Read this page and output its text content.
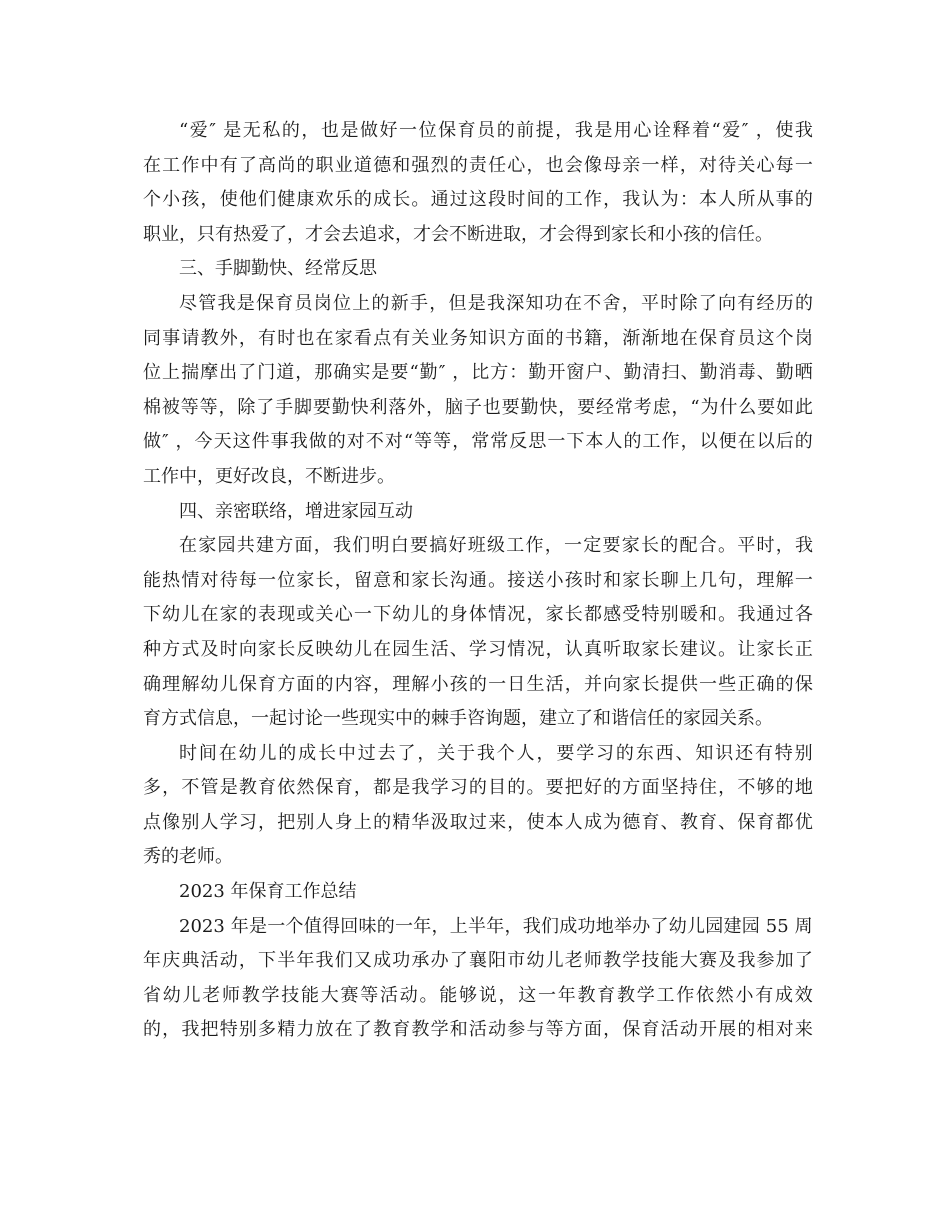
“ 爱 ″ 是 无 私 的 ， 也 是 做 好 一 位 保 育 员 的 前 提 ， 我 是 用 心 诠 释 着 “ 爱 ″ ， 使 我
在 工 作 中 有 了 高 尚 的 职 业 道 德 和 强 烈 的 责 任 心 ， 也 会 像 母 亲 一 样 ， 对 待 关 心 每 一
个 小 孩 ， 使 他 们 健 康 欢 乐 的 成 长 。 通 过 这 段 时 间 的 工 作 ， 我 认 为 ： 本 人 所 从 事 的
职业，只有热爱了，才会去追求，才会不断进取，才会得到家长和小孩的信任。
三、手脚勤快、经常反思
尽 管 我 是 保 育 员 岗 位 上 的 新 手 ， 但 是 我 深 知 功 在 不 舍 ， 平 时 除 了 向 有 经 历 的
同 事 请 教 外 ， 有 时 也 在 家 看 点 有 关 业 务 知 识 方 面 的 书 籍 ， 渐 渐 地 在 保 育 员 这 个 岗
位 上 揣 摩 出 了 门 道 ， 那 确 实 是 要 “ 勤 ″ ， 比 方 ： 勤 开 窗 户 、 勤 清 扫 、 勤 消 毒 、 勤 晒
棉 被 等 等 ， 除 了 手 脚 要 勤 快 利 落 外 ， 脑 子 也 要 勤 快 ， 要 经 常 考 虑 ， “ 为 什 么 要 如 此
做 ″ ， 今 天 这 件 事 我 做 的 对 不 对 “ 等 等 ， 常 常 反 思 一 下 本 人 的 工 作 ， 以 便 在 以 后 的
工作中，更好改良，不断进步。
四、亲密联络，增进家园互动
在 家 园 共 建 方 面 ， 我 们 明 白 要 搞 好 班 级 工 作 ， 一 定 要 家 长 的 配 合 。 平 时 ， 我
能 热 情 对 待 每 一 位 家 长 ， 留 意 和 家 长 沟 通 。 接 送 小 孩 时 和 家 长 聊 上 几 句 ， 理 解 一
下 幼 儿 在 家 的 表 现 或 关 心 一 下 幼 儿 的 身 体 情 况 ， 家 长 都 感 受 特 别 暖 和 。 我 通 过 各
种 方 式 及 时 向 家 长 反 映 幼 儿 在 园 生 活 、 学 习 情 况 ， 认 真 听 取 家 长 建 议 。 让 家 长 正
确 理 解 幼 儿 保 育 方 面 的 内 容 ， 理 解 小 孩 的 一 日 生 活 ， 并 向 家 长 提 供 一 些 正 确 的 保
育方式信息，一起讨论一些现实中的棘手咨询题，建立了和谐信任的家园关系。
时 间 在 幼 儿 的 成 长 中 过 去 了 ， 关 于 我 个 人 ， 要 学 习 的 东 西 、 知 识 还 有 特 别
多 ， 不 管 是 教 育 依 然 保 育 ， 都 是 我 学 习 的 目 的 。 要 把 好 的 方 面 坚 持 住 ， 不 够 的 地
点 像 别 人 学 习 ， 把 别 人 身 上 的 精 华 汲 取 过 来 ， 使 本 人 成 为 德 育 、 教 育 、 保 育 都 优
秀的老师。
2023 年保育工作总结
2023 年 是 一 个 值 得 回 味 的 一 年 ， 上 半 年 ， 我 们 成 功 地 举 办 了 幼 儿 园 建 园 55 周
年 庆 典 活 动 ， 下 半 年 我 们 又 成 功 承 办 了 襄 阳 市 幼 儿 老 师 教 学 技 能 大 赛 及 我 参 加 了
省 幼 儿 老 师 教 学 技 能 大 赛 等 活 动 。 能 够 说 ， 这 一 年 教 育 教 学 工 作 依 然 小 有 成 效
的 ， 我 把 特 别 多 精 力 放 在 了 教 育 教 学 和 活 动 参 与 等 方 面 ， 保 育 活 动 开 展 的 相 对 来
